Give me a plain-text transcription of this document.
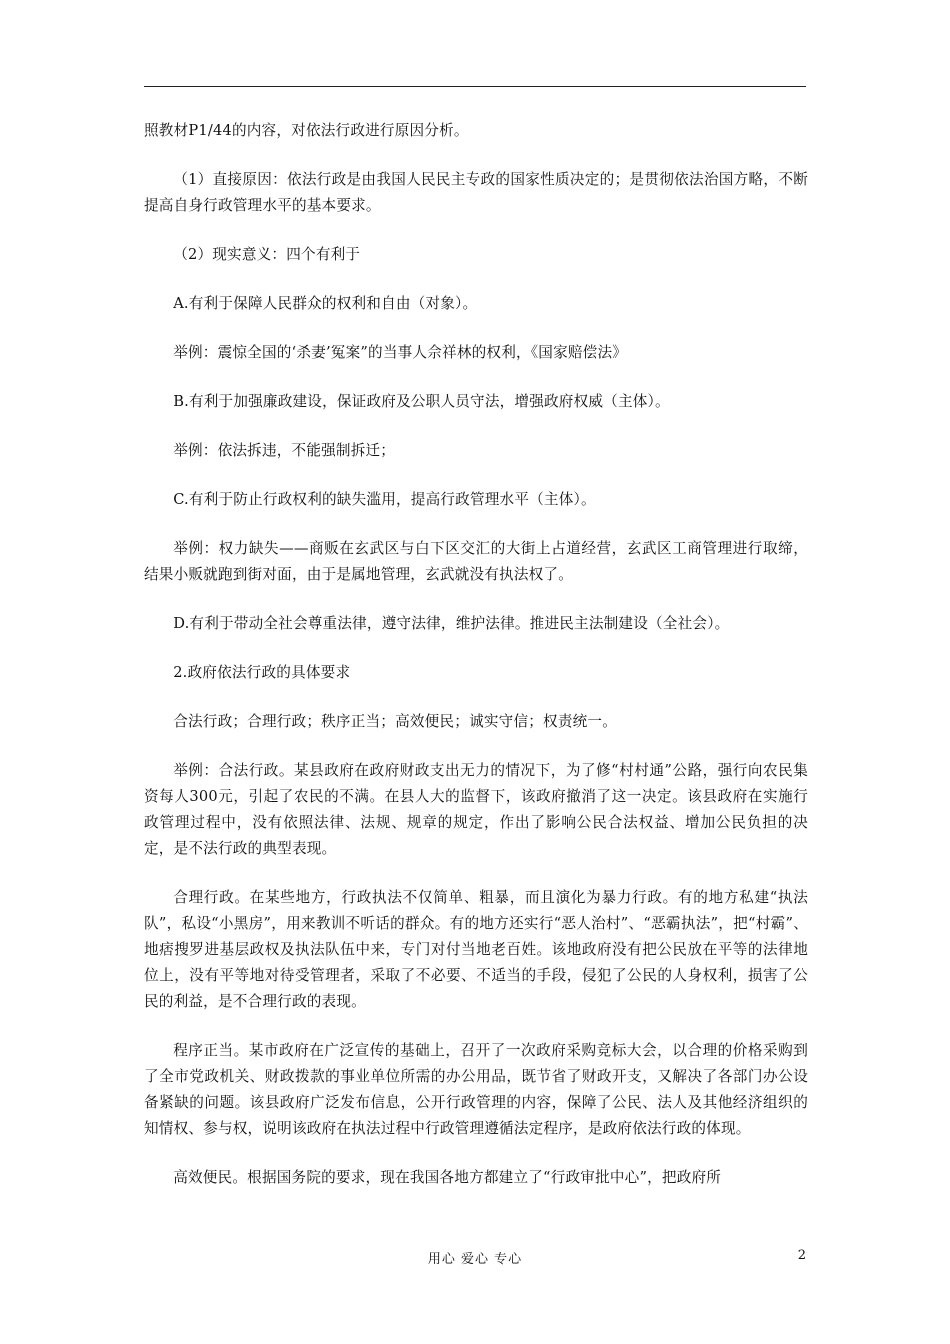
照教材P1/44的内容，对依法行政进行原因分析。

（1）直接原因：依法行政是由我国人民民主专政的国家性质决定的；是贯彻依法治国方略，不断提高自身行政管理水平的基本要求。

（2）现实意义：四个有利于

A.有利于保障人民群众的权利和自由（对象）。

举例：震惊全国的‘杀妻’冤案”的当事人佘祥林的权利，《国家赔偿法》

B.有利于加强廉政建设，保证政府及公职人员守法，增强政府权威（主体）。

举例：依法拆违，不能强制拆迁；

C.有利于防止行政权利的缺失滥用，提高行政管理水平（主体）。

举例：权力缺失——商贩在玄武区与白下区交汇的大街上占道经营，玄武区工商管理进行取缔，结果小贩就跑到街对面，由于是属地管理，玄武就没有执法权了。

D.有利于带动全社会尊重法律，遵守法律，维护法律。推进民主法制建设（全社会）。

2.政府依法行政的具体要求

合法行政；合理行政；秩序正当；高效便民；诚实守信；权责统一。

举例：合法行政。某县政府在政府财政支出无力的情况下，为了修“村村通”公路，强行向农民集资每人300元，引起了农民的不满。在县人大的监督下，该政府撤消了这一决定。该县政府在实施行政管理过程中，没有依照法律、法规、规章的规定，作出了影响公民合法权益、增加公民负担的决定，是不法行政的典型表现。

合理行政。在某些地方，行政执法不仅简单、粗暴，而且演化为暴力行政。有的地方私建“执法队”，私设“小黑房”，用来教训不听话的群众。有的地方还实行“恶人治村”、“恶霸执法”，把“村霸”、地痞搜罗进基层政权及执法队伍中来，专门对付当地老百姓。该地政府没有把公民放在平等的法律地位上，没有平等地对待受管理者，采取了不必要、不适当的手段，侵犯了公民的人身权利，损害了公民的利益，是不合理行政的表现。

程序正当。某市政府在广泛宣传的基础上，召开了一次政府采购竞标大会，以合理的价格采购到了全市党政机关、财政拨款的事业单位所需的办公用品，既节省了财政开支，又解决了各部门办公设备紧缺的问题。该县政府广泛发布信息，公开行政管理的内容，保障了公民、法人及其他经济组织的知情权、参与权，说明该政府在执法过程中行政管理遵循法定程序，是政府依法行政的体现。

高效便民。根据国务院的要求，现在我国各地方都建立了“行政审批中心”，把政府所

用心 爱心 专心	2
